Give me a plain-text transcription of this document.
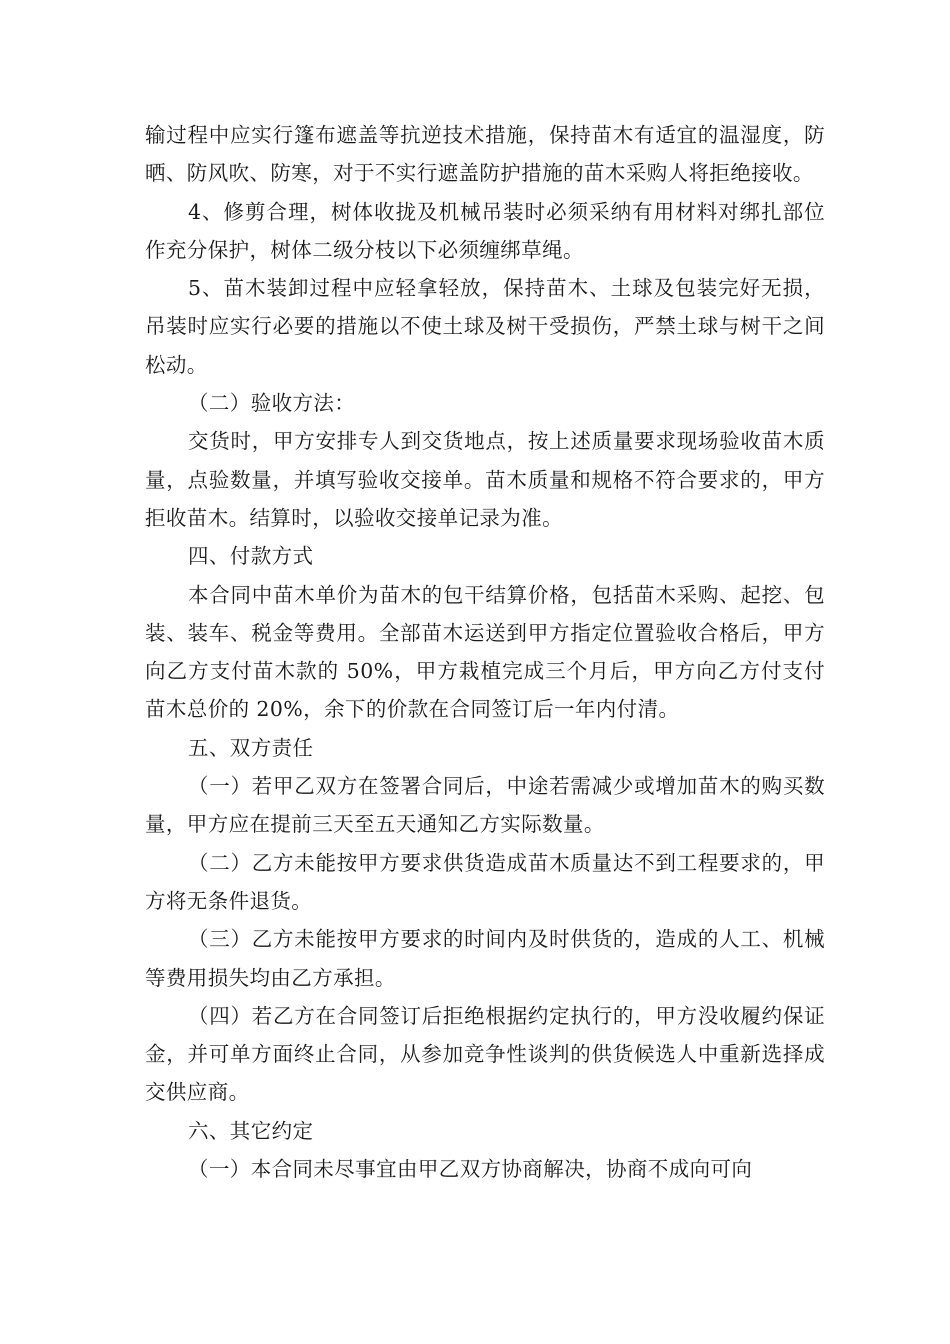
输过程中应实行篷布遮盖等抗逆技术措施，保持苗木有适宜的温湿度，防晒、防风吹、防寒，对于不实行遮盖防护措施的苗木采购人将拒绝接收。

4、修剪合理，树体收拢及机械吊装时必须采纳有用材料对绑扎部位作充分保护，树体二级分枝以下必须缠绑草绳。

5、苗木装卸过程中应轻拿轻放，保持苗木、土球及包装完好无损，吊装时应实行必要的措施以不使土球及树干受损伤，严禁土球与树干之间松动。

（二）验收方法：

交货时，甲方安排专人到交货地点，按上述质量要求现场验收苗木质量，点验数量，并填写验收交接单。苗木质量和规格不符合要求的，甲方拒收苗木。结算时，以验收交接单记录为准。

四、付款方式

本合同中苗木单价为苗木的包干结算价格，包括苗木采购、起挖、包装、装车、税金等费用。全部苗木运送到甲方指定位置验收合格后，甲方向乙方支付苗木款的 50%，甲方栽植完成三个月后，甲方向乙方付支付苗木总价的 20%，余下的价款在合同签订后一年内付清。

五、双方责任

（一）若甲乙双方在签署合同后，中途若需减少或增加苗木的购买数量，甲方应在提前三天至五天通知乙方实际数量。

（二）乙方未能按甲方要求供货造成苗木质量达不到工程要求的，甲方将无条件退货。

（三）乙方未能按甲方要求的时间内及时供货的，造成的人工、机械等费用损失均由乙方承担。

（四）若乙方在合同签订后拒绝根据约定执行的，甲方没收履约保证金，并可单方面终止合同，从参加竞争性谈判的供货候选人中重新选择成交供应商。

六、其它约定

（一）本合同未尽事宜由甲乙双方协商解决，协商不成向可向
